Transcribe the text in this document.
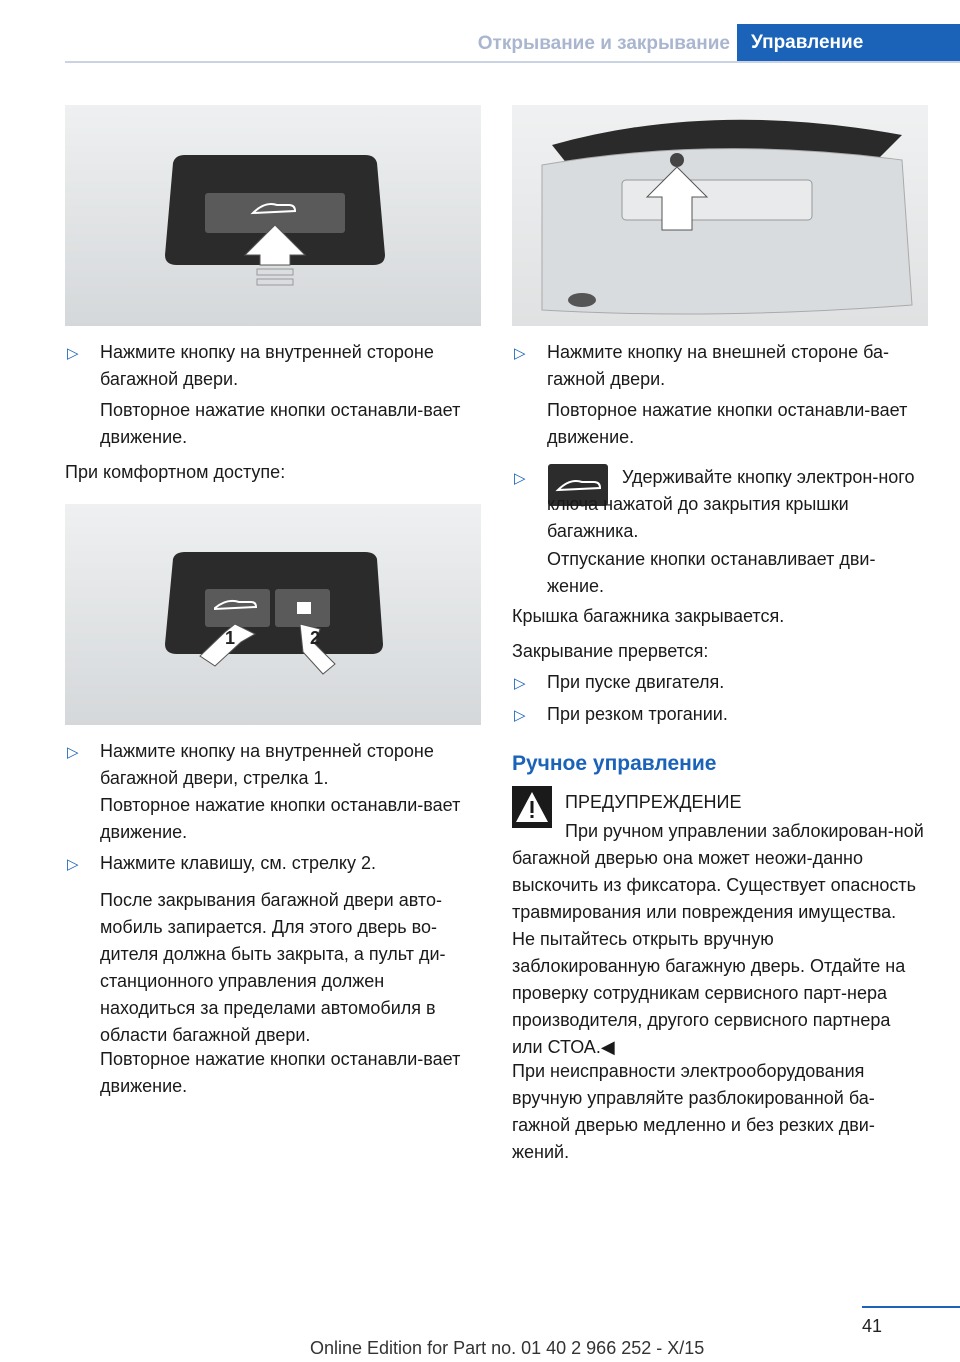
Открывание и закрывание	Управление
▷ Нажмите кнопку на внутренней стороне багажной двери.

Повторное нажатие кнопки останавли-вает движение.

При комфортном доступе:

1	2
▷ Нажмите кнопку на внутренней стороне багажной двери, стрелка 1.

Повторное нажатие кнопки останавли-вает движение.

▷ Нажмите клавишу, см. стрелку 2.

После закрывания багажной двери авто-мобиль запирается. Для этого дверь во-дителя должна быть закрыта, а пульт ди-станционного управления должен находиться за пределами автомобиля в области багажной двери.

Повторное нажатие кнопки останавли-вает движение.

▷ Нажмите кнопку на внешней стороне ба-гажной двери.

Повторное нажатие кнопки останавли-вает движение.

▷	Удерживайте кнопку электрон-ного ключа нажатой до закрытия крышки багажника.

Отпускание кнопки останавливает дви-жение.

Крышка багажника закрывается.

Закрывание прервется:

▷ При пуске двигателя.

▷ При резком трогании.

Ручное управление

ПРЕДУПРЕЖДЕНИЕ

При ручном управлении заблокирован-ной багажной дверью она может неожи-данно выскочить из фиксатора. Существует опасность травмирования или повреждения имущества. Не пытайтесь открыть вручную заблокированную багажную дверь. Отдайте на проверку сотрудникам сервисного парт-нера производителя, другого сервисного партнера или СТОА.◀

При неисправности электрооборудования вручную управляйте разблокированной ба-гажной дверью медленно и без резких дви-жений.

41
Online Edition for Part no. 01 40 2 966 252 - X/15
